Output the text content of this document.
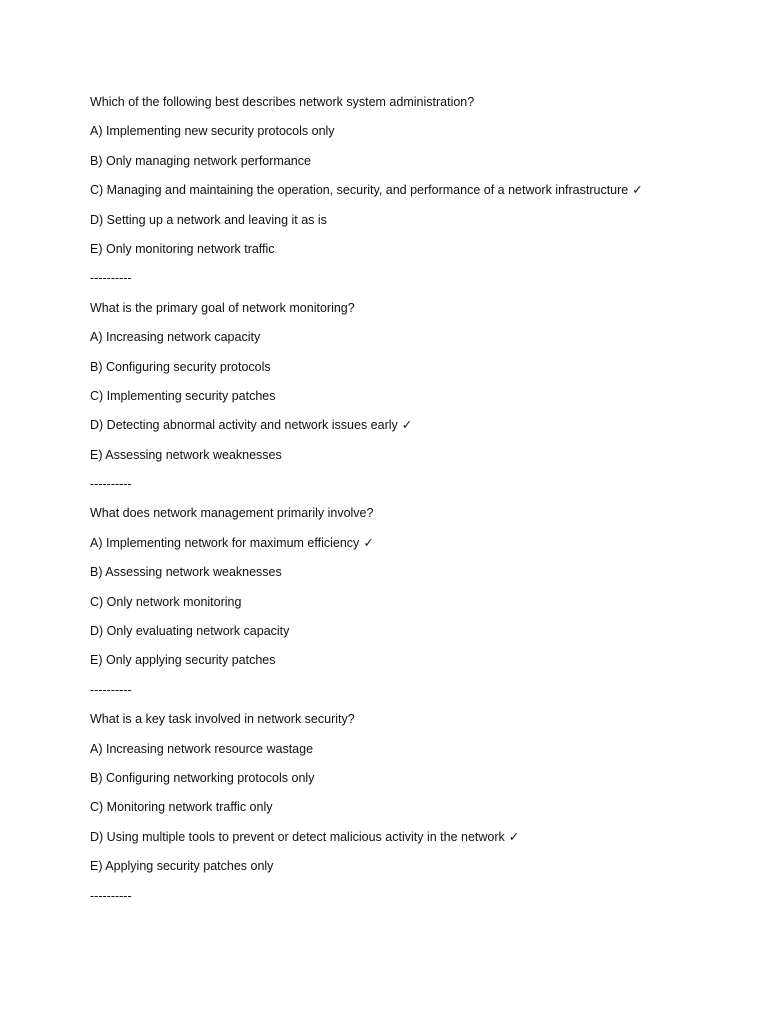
Which of the following best describes network system administration?
A) Implementing new security protocols only
B) Only managing network performance
C) Managing and maintaining the operation, security, and performance of a network infrastructure ✓
D) Setting up a network and leaving it as is
E) Only monitoring network traffic
----------
What is the primary goal of network monitoring?
A) Increasing network capacity
B) Configuring security protocols
C) Implementing security patches
D) Detecting abnormal activity and network issues early ✓
E) Assessing network weaknesses
----------
What does network management primarily involve?
A) Implementing network for maximum efficiency ✓
B) Assessing network weaknesses
C) Only network monitoring
D) Only evaluating network capacity
E) Only applying security patches
----------
What is a key task involved in network security?
A) Increasing network resource wastage
B) Configuring networking protocols only
C) Monitoring network traffic only
D) Using multiple tools to prevent or detect malicious activity in the network ✓
E) Applying security patches only
----------
